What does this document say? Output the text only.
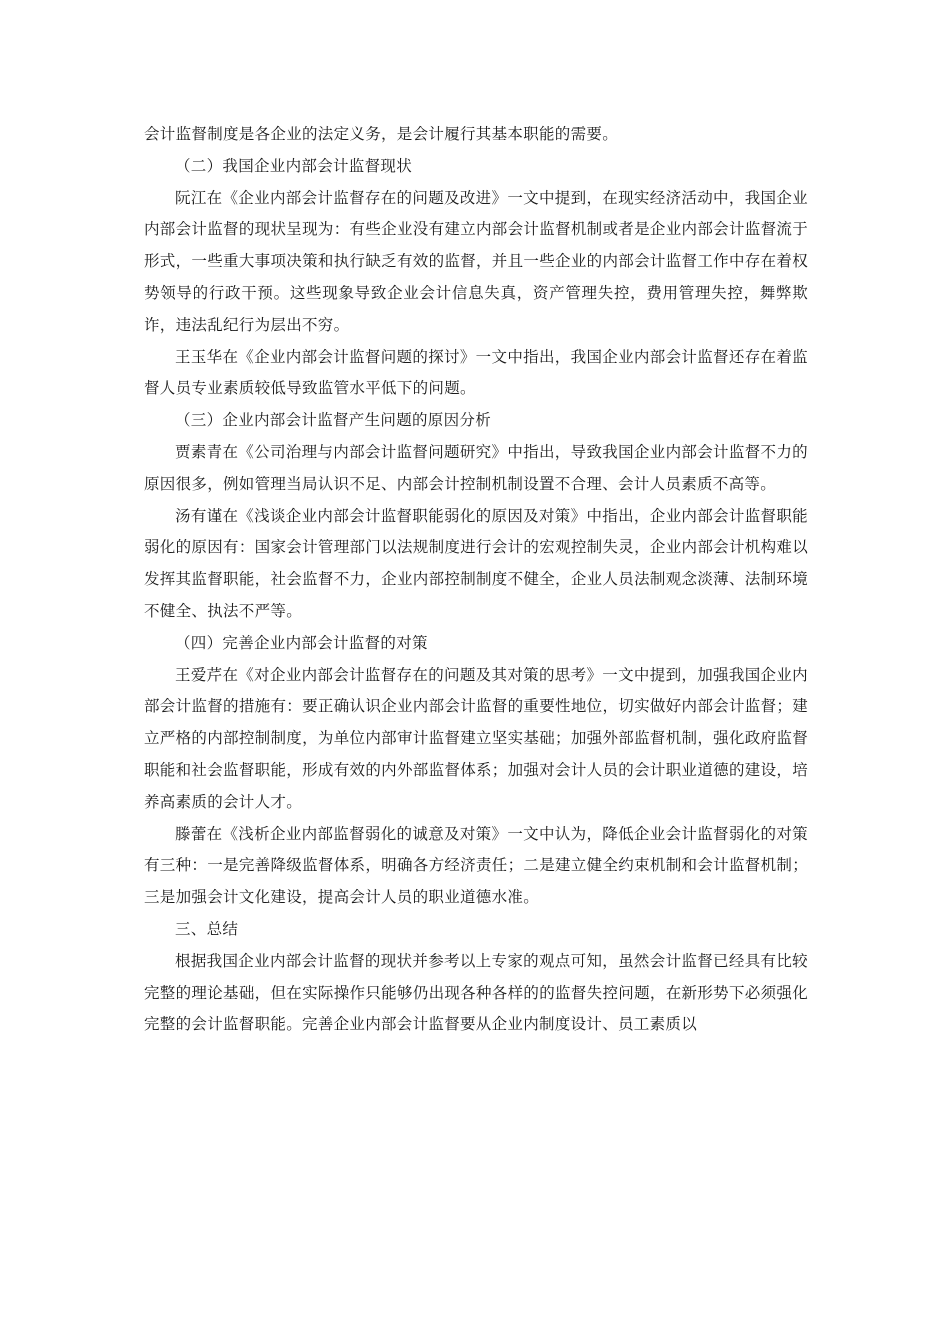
会计监督制度是各企业的法定义务，是会计履行其基本职能的需要。

（二）我国企业内部会计监督现状

阮江在《企业内部会计监督存在的问题及改进》一文中提到，在现实经济活动中，我国企业内部会计监督的现状呈现为：有些企业没有建立内部会计监督机制或者是企业内部会计监督流于形式，一些重大事项决策和执行缺乏有效的监督，并且一些企业的内部会计监督工作中存在着权势领导的行政干预。这些现象导致企业会计信息失真，资产管理失控，费用管理失控，舞弊欺诈，违法乱纪行为层出不穷。

王玉华在《企业内部会计监督问题的探讨》一文中指出，我国企业内部会计监督还存在着监督人员专业素质较低导致监管水平低下的问题。

（三）企业内部会计监督产生问题的原因分析

贾素青在《公司治理与内部会计监督问题研究》中指出，导致我国企业内部会计监督不力的原因很多，例如管理当局认识不足、内部会计控制机制设置不合理、会计人员素质不高等。

汤有谨在《浅谈企业内部会计监督职能弱化的原因及对策》中指出，企业内部会计监督职能弱化的原因有：国家会计管理部门以法规制度进行会计的宏观控制失灵，企业内部会计机构难以发挥其监督职能，社会监督不力，企业内部控制制度不健全，企业人员法制观念淡薄、法制环境不健全、执法不严等。

（四）完善企业内部会计监督的对策

王爱芹在《对企业内部会计监督存在的问题及其对策的思考》一文中提到，加强我国企业内部会计监督的措施有：要正确认识企业内部会计监督的重要性地位，切实做好内部会计监督；建立严格的内部控制制度，为单位内部审计监督建立坚实基础；加强外部监督机制，强化政府监督职能和社会监督职能，形成有效的内外部监督体系；加强对会计人员的会计职业道德的建设，培养高素质的会计人才。

滕蕾在《浅析企业内部监督弱化的诚意及对策》一文中认为，降低企业会计监督弱化的对策有三种：一是完善降级监督体系，明确各方经济责任；二是建立健全约束机制和会计监督机制；三是加强会计文化建设，提高会计人员的职业道德水准。

三、总结

根据我国企业内部会计监督的现状并参考以上专家的观点可知，虽然会计监督已经具有比较完整的理论基础，但在实际操作只能够仍出现各种各样的的监督失控问题，在新形势下必须强化完整的会计监督职能。完善企业内部会计监督要从企业内制度设计、员工素质以
